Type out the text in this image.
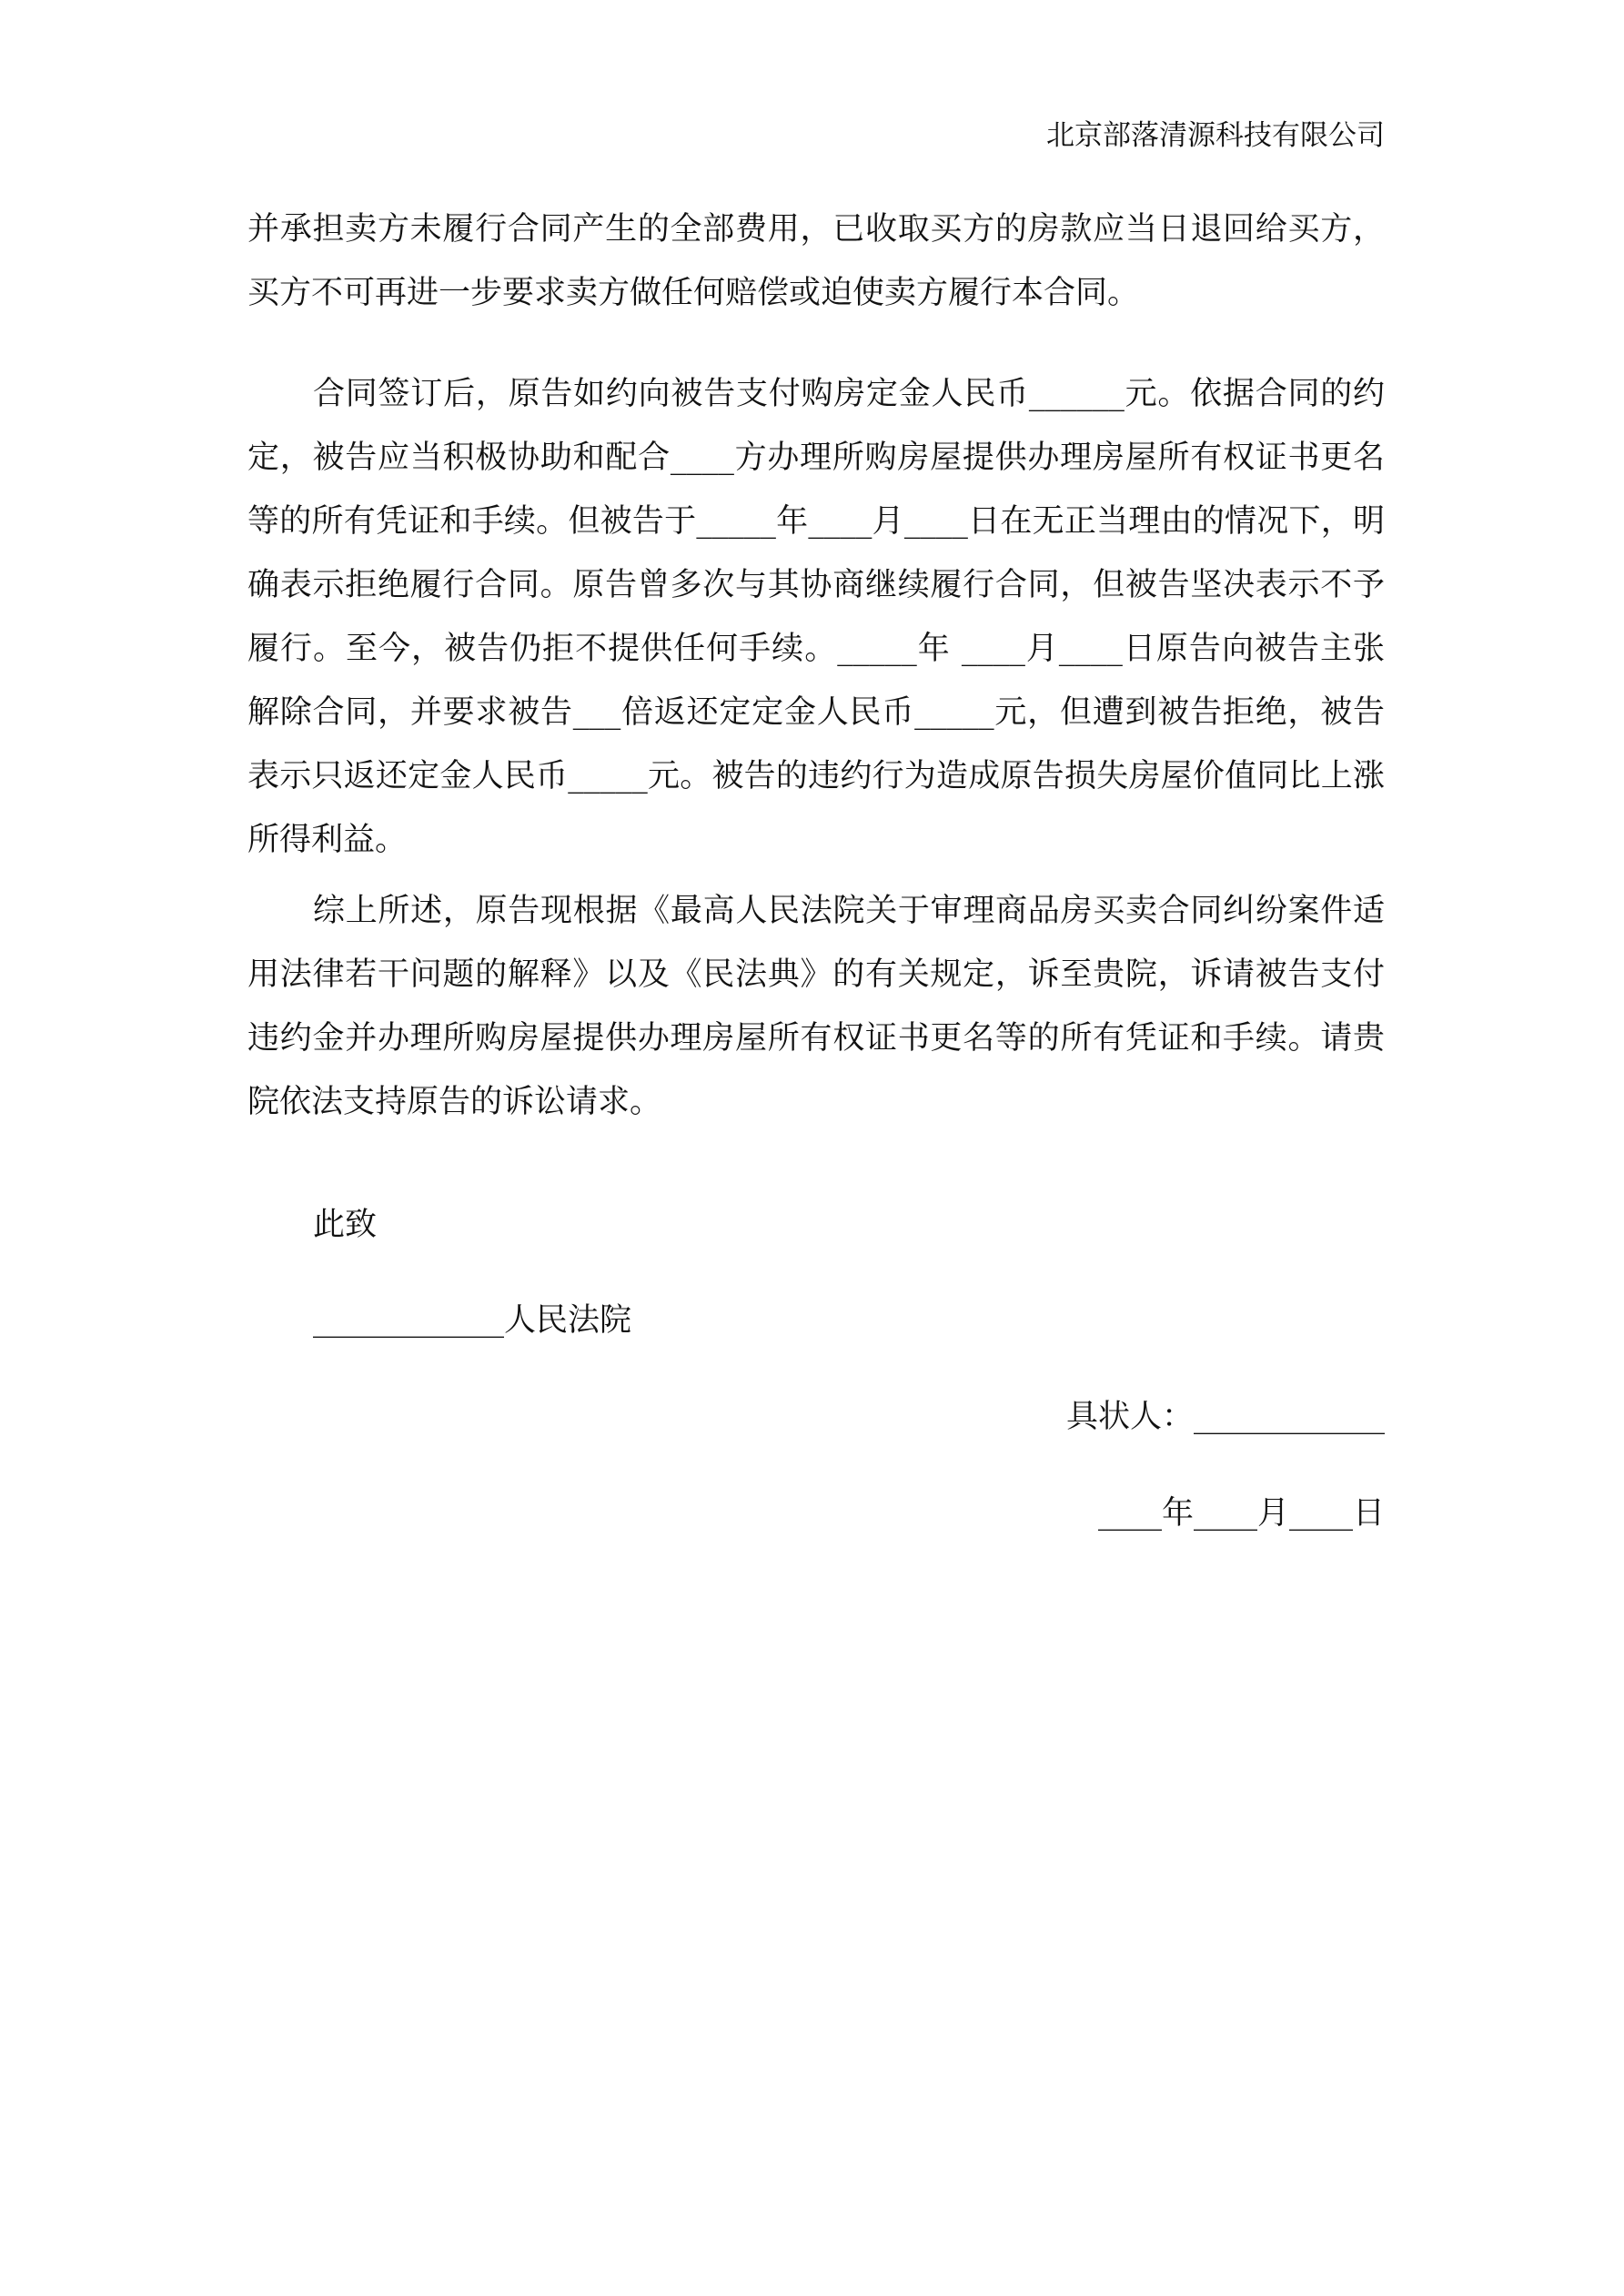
北京部落清源科技有限公司

并承担卖方未履行合同产生的全部费用，已收取买方的房款应当日退回给买方，买方不可再进一步要求卖方做任何赔偿或迫使卖方履行本合同。

合同签订后，原告如约向被告支付购房定金人民币______元。依据合同的约定，被告应当积极协助和配合____方办理所购房屋提供办理房屋所有权证书更名等的所有凭证和手续。但被告于_____年____月____日在无正当理由的情况下，明确表示拒绝履行合同。原告曾多次与其协商继续履行合同，但被告坚决表示不予履行。至今，被告仍拒不提供任何手续。_____年 ____月____日原告向被告主张解除合同，并要求被告___倍返还定定金人民币_____元，但遭到被告拒绝，被告表示只返还定金人民币_____元。被告的违约行为造成原告损失房屋价值同比上涨所得利益。

综上所述，原告现根据《最高人民法院关于审理商品房买卖合同纠纷案件适用法律若干问题的解释》以及《民法典》的有关规定，诉至贵院，诉请被告支付违约金并办理所购房屋提供办理房屋所有权证书更名等的所有凭证和手续。请贵院依法支持原告的诉讼请求。

此致

____________人民法院

具状人：____________

____年____月____日
